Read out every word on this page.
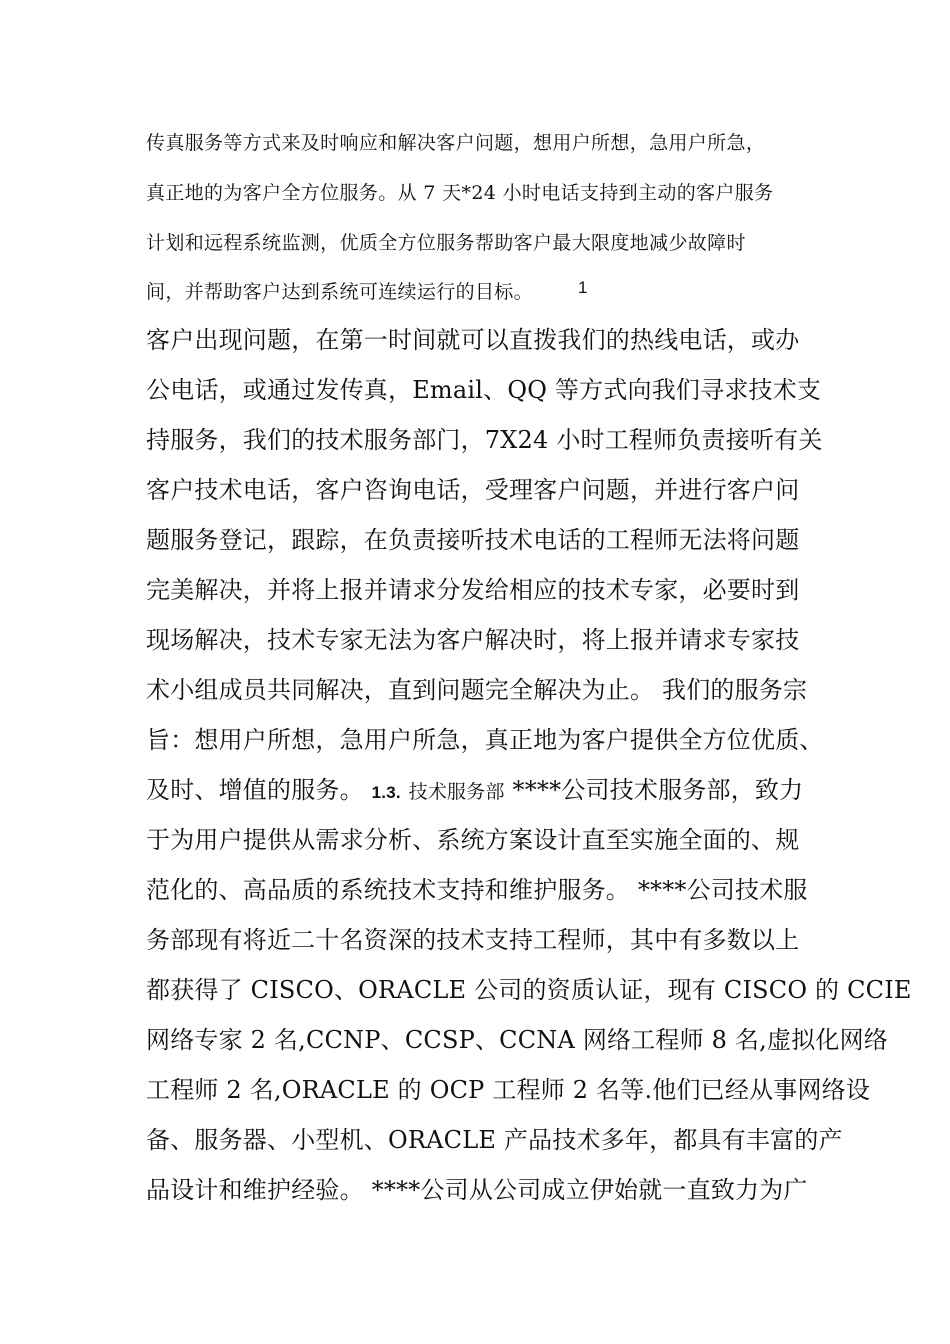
传真服务等方式来及时响应和解决客户问题，想用户所想，急用户所急，
真正地的为客户全方位服务。从 7 天*24 小时电话支持到主动的客户服务
计划和远程系统监测，优质全方位服务帮助客户最大限度地减少故障时
间，并帮助客户达到系统可连续运行的目标。	1
客户出现问题，在第一时间就可以直拨我们的热线电话，或办
公电话，或通过发传真，Email、QQ 等方式向我们寻求技术支
持服务，我们的技术服务部门，7X24 小时工程师负责接听有关
客户技术电话，客户咨询电话，受理客户问题，并进行客户问
题服务登记，跟踪，在负责接听技术电话的工程师无法将问题
完美解决，并将上报并请求分发给相应的技术专家，必要时到
现场解决，技术专家无法为客户解决时，将上报并请求专家技
术小组成员共同解决，直到问题完全解决为止。 我们的服务宗
旨：想用户所想，急用户所急，真正地为客户提供全方位优质、
及时、增值的服务。 1.3. 技术服务部 ****公司技术服务部，致力
于为用户提供从需求分析、系统方案设计直至实施全面的、规
范化的、高品质的系统技术支持和维护服务。 ****公司技术服
务部现有将近二十名资深的技术支持工程师，其中有多数以上
都获得了 CISCO、ORACLE 公司的资质认证，现有 CISCO 的 CCIE
网络专家 2 名,CCNP、CCSP、CCNA 网络工程师 8 名,虚拟化网络
工程师 2 名,ORACLE 的 OCP 工程师 2 名等.他们已经从事网络设
备、服务器、小型机、ORACLE 产品技术多年，都具有丰富的产
品设计和维护经验。 ****公司从公司成立伊始就一直致力为广
